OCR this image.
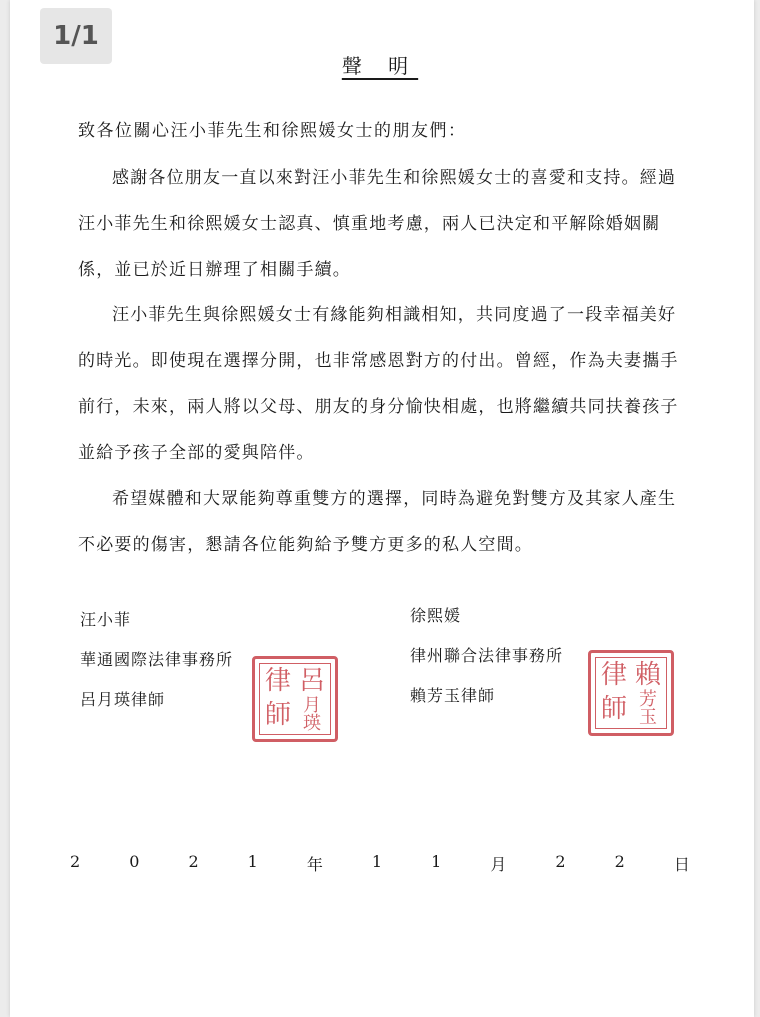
1/1
聲 明
致各位關心汪小菲先生和徐熙媛女士的朋友們：

感謝各位朋友一直以來對汪小菲先生和徐熙媛女士的喜愛和支持。經過汪小菲先生和徐熙媛女士認真、慎重地考慮，兩人已決定和平解除婚姻關係，並已於近日辦理了相關手續。

汪小菲先生與徐熙媛女士有緣能夠相識相知，共同度過了一段幸福美好的時光。即使現在選擇分開，也非常感恩對方的付出。曾經，作為夫妻攜手前行，未來，兩人將以父母、朋友的身分愉快相處，也將繼續共同扶養孩子並給予孩子全部的愛與陪伴。

希望媒體和大眾能夠尊重雙方的選擇，同時為避免對雙方及其家人產生不必要的傷害，懇請各位能夠給予雙方更多的私人空間。

汪小菲
華通國際法律事務所
呂月瑛律師
律 呂
師 月瑛
徐熙媛
律州聯合法律事務所
賴芳玉律師
律 賴
師 芳玉
2	0	2	1	年	1	1	月	2	2	日
